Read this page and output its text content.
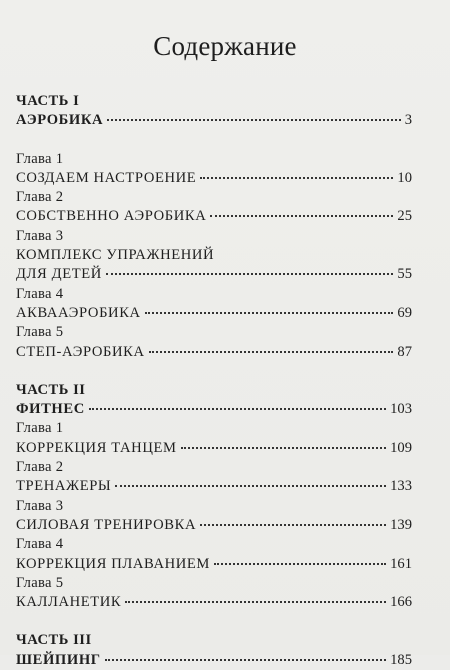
Содержание
ЧАСТЬ I
АЭРОБИКА	3
Глава 1
СОЗДАЕМ НАСТРОЕНИЕ	10
Глава 2
СОБСТВЕННО АЭРОБИКА	25
Глава 3
КОМПЛЕКС УПРАЖНЕНИЙ
ДЛЯ ДЕТЕЙ	55
Глава 4
АКВААЭРОБИКА	69
Глава 5
СТЕП-АЭРОБИКА	87
ЧАСТЬ II
ФИТНЕС	103
Глава 1
КОРРЕКЦИЯ ТАНЦЕМ	109
Глава 2
ТРЕНАЖЕРЫ	133
Глава 3
СИЛОВАЯ ТРЕНИРОВКА	139
Глава 4
КОРРЕКЦИЯ ПЛАВАНИЕМ	161
Глава 5
КАЛЛАНЕТИК	166
ЧАСТЬ III
ШЕЙПИНГ	185
